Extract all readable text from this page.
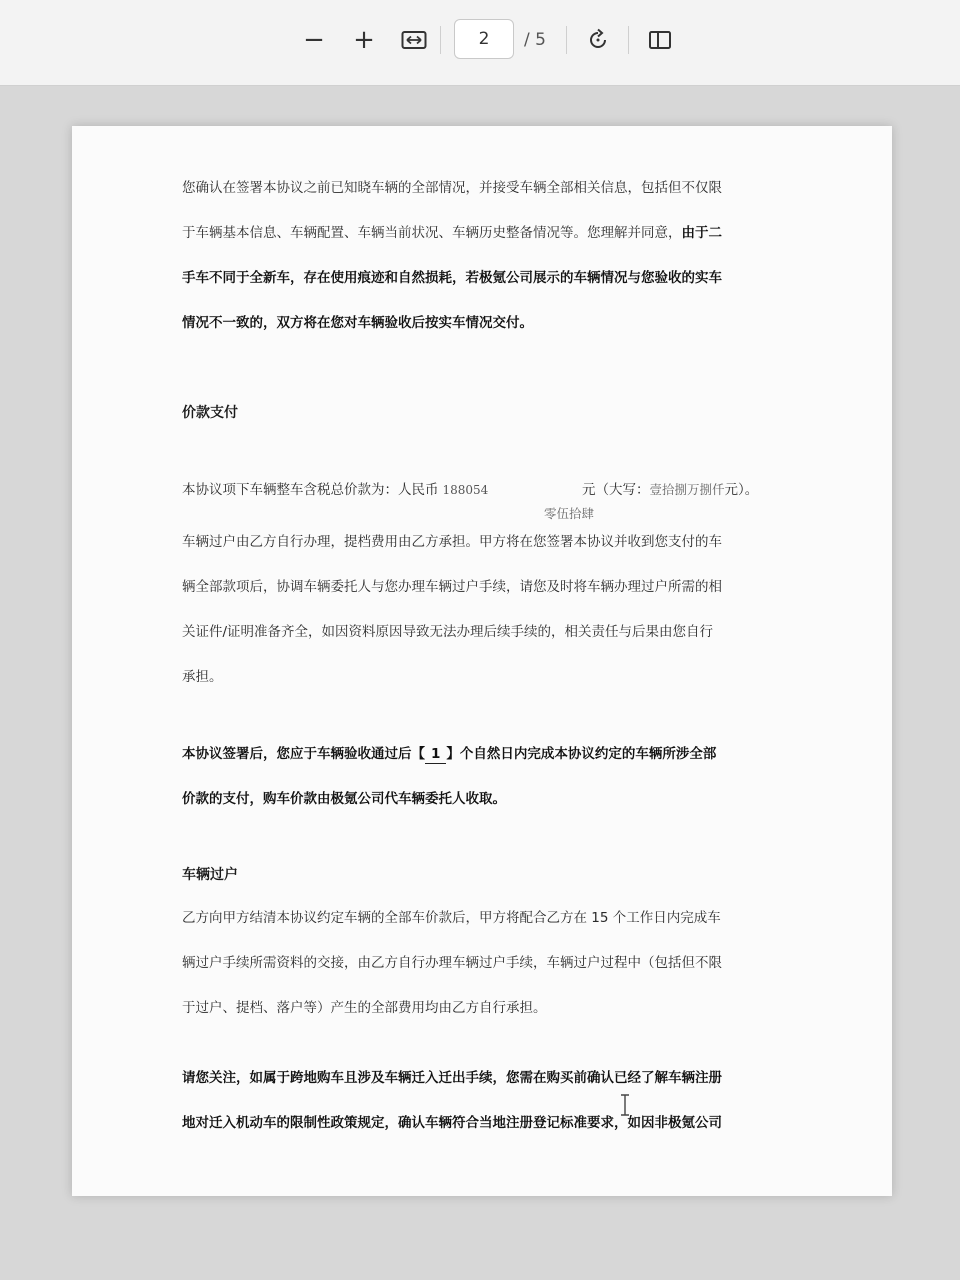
− +
2	/ 5
您确认在签署本协议之前已知晓车辆的全部情况，并接受车辆全部相关信息，包括但不仅限
于车辆基本信息、车辆配置、车辆当前状况、车辆历史整备情况等。您理解并同意，由于二
手车不同于全新车，存在使用痕迹和自然损耗，若极氪公司展示的车辆情况与您验收的实车
情况不一致的，双方将在您对车辆验收后按实车情况交付。
价款支付
本协议项下车辆整车含税总价款为：人民币 188054	元（大写：壹拾捌万捌仟元）。
零伍拾肆
车辆过户由乙方自行办理，提档费用由乙方承担。甲方将在您签署本协议并收到您支付的车
辆全部款项后，协调车辆委托人与您办理车辆过户手续，请您及时将车辆办理过户所需的相
关证件/证明准备齐全，如因资料原因导致无法办理后续手续的，相关责任与后果由您自行
承担。
本协议签署后，您应于车辆验收通过后【 1 】个自然日内完成本协议约定的车辆所涉全部
价款的支付，购车价款由极氪公司代车辆委托人收取。
车辆过户
乙方向甲方结清本协议约定车辆的全部车价款后，甲方将配合乙方在 15 个工作日内完成车
辆过户手续所需资料的交接，由乙方自行办理车辆过户手续，车辆过户过程中（包括但不限
于过户、提档、落户等）产生的全部费用均由乙方自行承担。
请您关注，如属于跨地购车且涉及车辆迁入迁出手续，您需在购买前确认已经了解车辆注册
地对迁入机动车的限制性政策规定，确认车辆符合当地注册登记标准要求，如因非极氪公司
